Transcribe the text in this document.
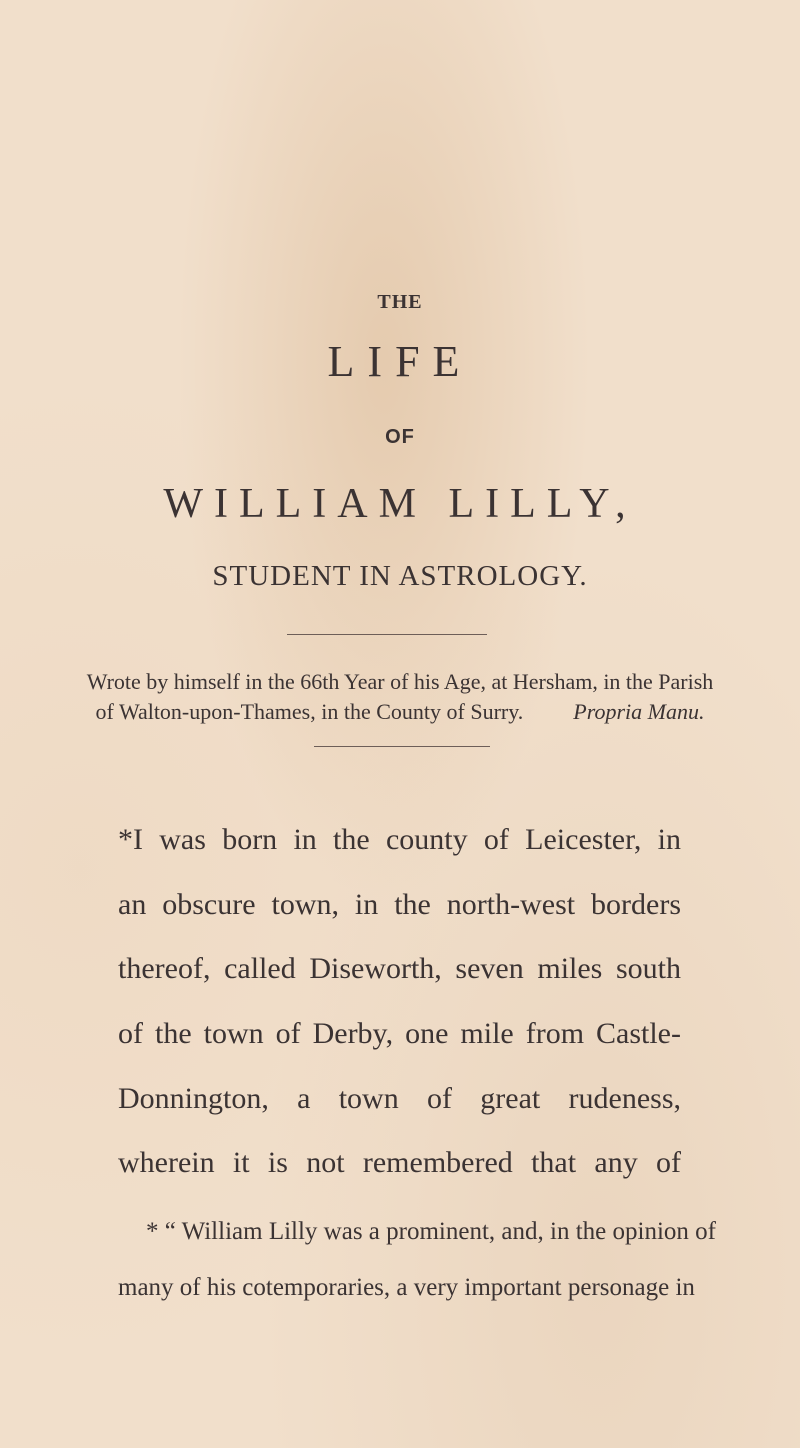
THE
LIFE
OF
WILLIAM LILLY,
STUDENT IN ASTROLOGY.
Wrote by himself in the 66th Year of his Age, at Hersham, in the Parish
of Walton-upon-Thames, in the County of Surry. Propria Manu.
*I was born in the county of Leicester, in
an obscure town, in the north-west borders
thereof, called Diseworth, seven miles south
of the town of Derby, one mile from Castle-
Donnington, a town of great rudeness,
wherein it is not remembered that any of
* “ William Lilly was a prominent, and, in the opinion of
many of his cotemporaries, a very important personage in
